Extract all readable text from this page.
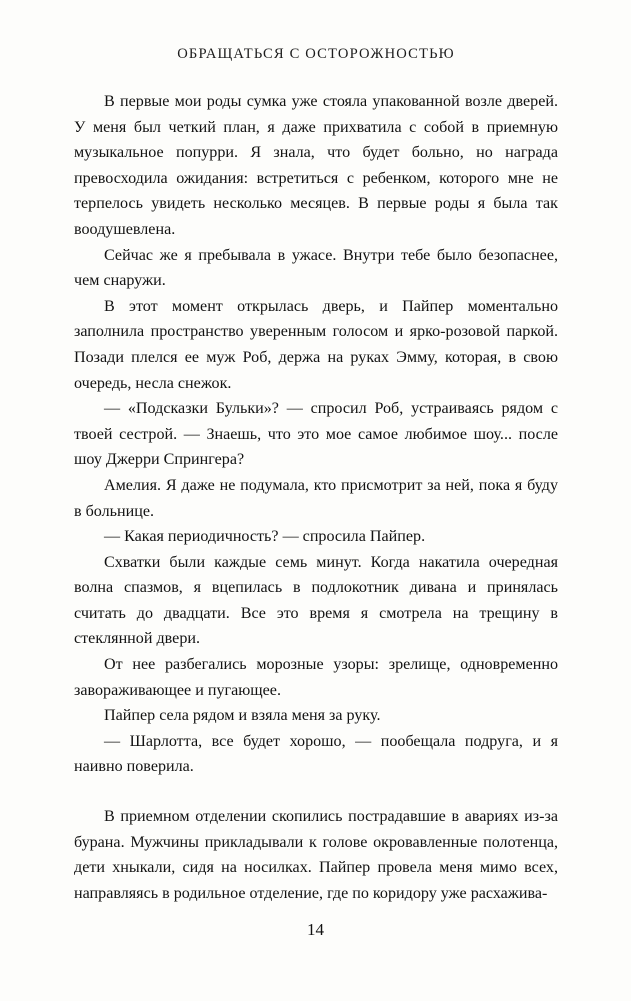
ОБРАЩАТЬСЯ С ОСТОРОЖНОСТЬЮ

В первые мои роды сумка уже стояла упакованной возле дверей. У меня был четкий план, я даже прихватила с собой в приемную музыкальное попурри. Я знала, что будет больно, но награда превосходила ожидания: встретиться с ребенком, которого мне не терпелось увидеть несколько месяцев. В первые роды я была так воодушевлена.

Сейчас же я пребывала в ужасе. Внутри тебе было безопаснее, чем снаружи.

В этот момент открылась дверь, и Пайпер моментально заполнила пространство уверенным голосом и ярко-розовой паркой. Позади плелся ее муж Роб, держа на руках Эмму, которая, в свою очередь, несла снежок.

— «Подсказки Бульки»? — спросил Роб, устраиваясь рядом с твоей сестрой. — Знаешь, что это мое самое любимое шоу... после шоу Джерри Спрингера?

Амелия. Я даже не подумала, кто присмотрит за ней, пока я буду в больнице.

— Какая периодичность? — спросила Пайпер.

Схватки были каждые семь минут. Когда накатила очередная волна спазмов, я вцепилась в подлокотник дивана и принялась считать до двадцати. Все это время я смотрела на трещину в стеклянной двери.

От нее разбегались морозные узоры: зрелище, одновременно завораживающее и пугающее.

Пайпер села рядом и взяла меня за руку.

— Шарлотта, все будет хорошо, — пообещала подруга, и я наивно поверила.

В приемном отделении скопились пострадавшие в авариях из-за бурана. Мужчины прикладывали к голове окровавленные полотенца, дети хныкали, сидя на носилках. Пайпер провела меня мимо всех, направляясь в родильное отделение, где по коридору уже расхажива-

14
